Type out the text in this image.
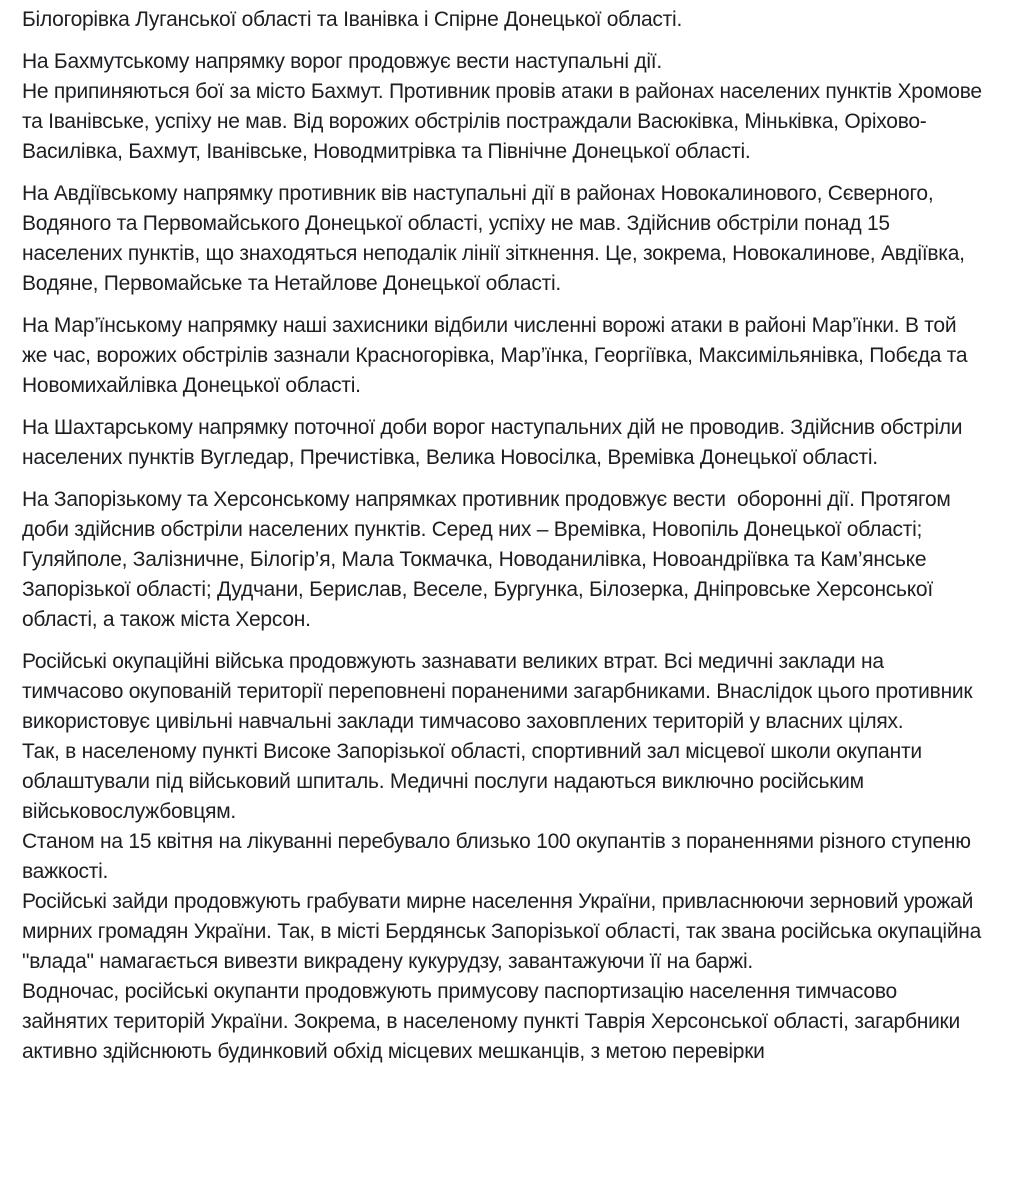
Білогорівка Луганської області та Іванівка і Спірне Донецької області.

На Бахмутському напрямку ворог продовжує вести наступальні дії.

Не припиняються бої за місто Бахмут. Противник провів атаки в районах населених пунктів Хромове та Іванівське, успіху не мав. Від ворожих обстрілів постраждали Васюківка, Міньківка, Оріхово-Василівка, Бахмут, Іванівське, Новодмитрівка та Північне Донецької області.

На Авдіївському напрямку противник вів наступальні дії в районах Новокалинового, Сєверного, Водяного та Первомайського Донецької області, успіху не мав. Здійснив обстріли понад 15 населених пунктів, що знаходяться неподалік лінії зіткнення. Це, зокрема, Новокалинове, Авдіївка, Водяне, Первомайське та Нетайлове Донецької області.

На Мар’їнському напрямку наші захисники відбили численні ворожі атаки в районі Мар’їнки. В той же час, ворожих обстрілів зазнали Красногорівка, Мар’їнка, Георгіївка, Максимільянівка, Побєда та Новомихайлівка Донецької області.

На Шахтарському напрямку поточної доби ворог наступальних дій не проводив. Здійснив обстріли населених пунктів Вугледар, Пречистівка, Велика Новосілка, Времівка Донецької області.

На Запорізькому та Херсонському напрямках противник продовжує вести  оборонні дії. Протягом доби здійснив обстріли населених пунктів. Серед них – Времівка, Новопіль Донецької області; Гуляйполе, Залізничне, Білогір’я, Мала Токмачка, Новоданилівка, Новоандріївка та Кам’янське Запорізької області; Дудчани, Берислав, Веселе, Бургунка, Білозерка, Дніпровське Херсонської області, а також міста Херсон.

Російські окупаційні війська продовжують зазнавати великих втрат. Всі медичні заклади на тимчасово окупованій території переповнені пораненими загарбниками. Внаслідок цього противник використовує цивільні навчальні заклади тимчасово заховплених територій у власних цілях.

Так, в населеному пункті Високе Запорізької області, спортивний зал місцевої школи окупанти облаштували під військовий шпиталь. Медичні послуги надаються виключно російським військовослужбовцям.

Станом на 15 квітня на лікуванні перебувало близько 100 окупантів з пораненнями різного ступеню важкості.

Російські зайди продовжують грабувати мирне населення України, привласнюючи зерновий урожай мирних громадян України. Так, в місті Бердянськ Запорізької області, так звана російська окупаційна "влада" намагається вивезти викрадену кукурудзу, завантажуючи її на баржі.

Водночас, російські окупанти продовжують примусову паспортизацію населення тимчасово зайнятих територій України. Зокрема, в населеному пункті Таврія Херсонської області, загарбники активно здійснюють будинковий обхід місцевих мешканців, з метою перевірки
